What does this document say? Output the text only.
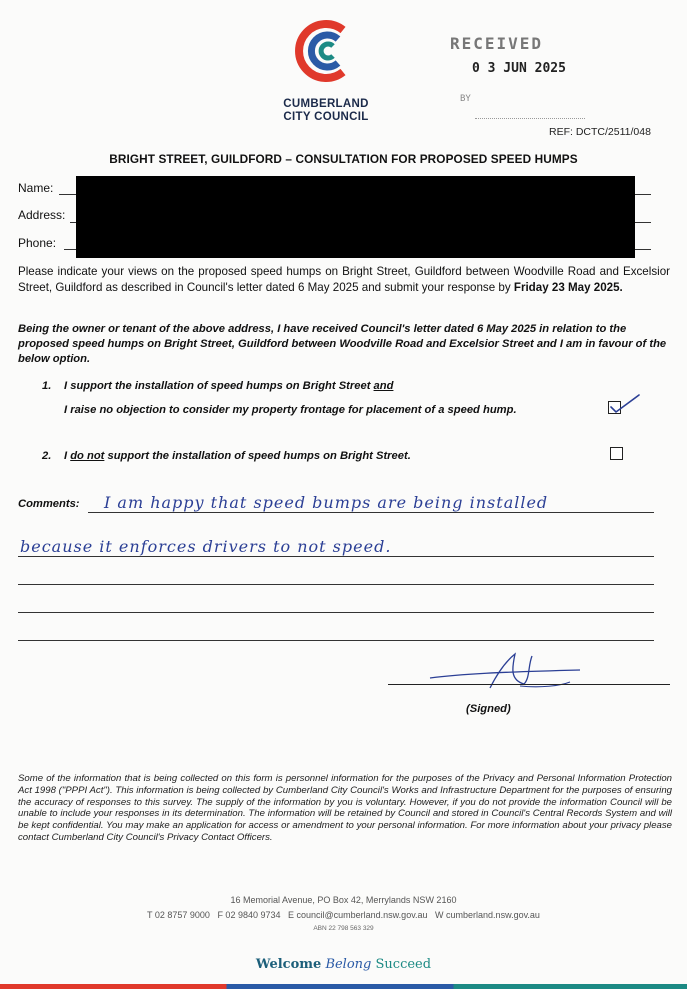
CUMBERLAND
CITY COUNCIL
RECEIVED
0 3 JUN 2025
BY
REF: DCTC/2511/048
BRIGHT STREET, GUILDFORD – CONSULTATION FOR PROPOSED SPEED HUMPS
Name:
Address:
Phone:
Please indicate your views on the proposed speed humps on Bright Street, Guildford between Woodville Road and Excelsior Street, Guildford as described in Council's letter dated 6 May 2025 and submit your response by Friday 23 May 2025.
Being the owner or tenant of the above address, I have received Council's letter dated 6 May 2025 in relation to the proposed speed humps on Bright Street, Guildford between Woodville Road and Excelsior Street and I am in favour of the below option.
1. I support the installation of speed humps on Bright Street and
I raise no objection to consider my property frontage for placement of a speed hump.
2. I do not support the installation of speed humps on Bright Street.
Comments: I am happy that speed bumps are being installed
because it enforces drivers to not speed.
(Signed)
Some of the information that is being collected on this form is personnel information for the purposes of the Privacy and Personal Information Protection Act 1998 ("PPPI Act"). This information is being collected by Cumberland City Council's Works and Infrastructure Department for the purposes of ensuring the accuracy of responses to this survey. The supply of the information by you is voluntary. However, if you do not provide the information Council will be unable to include your responses in its determination. The information will be retained by Council and stored in Council's Central Records System and will be kept confidential. You may make an application for access or amendment to your personal information. For more information about your privacy please contact Cumberland City Council's Privacy Contact Officers.
16 Memorial Avenue, PO Box 42, Merrylands NSW 2160
T 02 8757 9000   F 02 9840 9734   E council@cumberland.nsw.gov.au   W cumberland.nsw.gov.au
ABN 22 798 563 329
Welcome Belong Succeed
